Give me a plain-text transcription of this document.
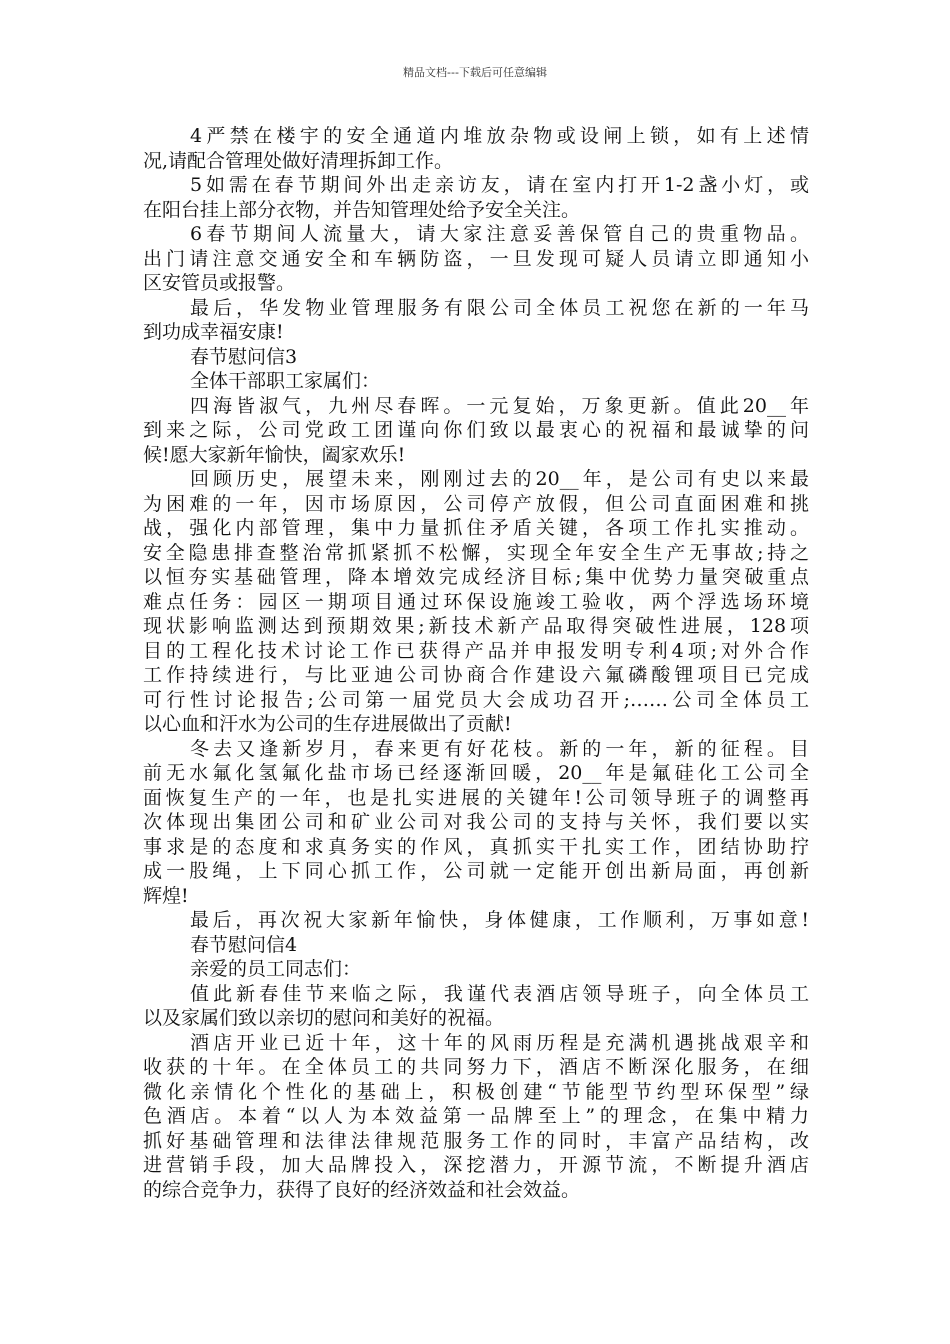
精品文档---下载后可任意编辑
4严禁在楼宇的安全通道内堆放杂物或设闸上锁，如有上述情
况,请配合管理处做好清理拆卸工作。
5如需在春节期间外出走亲访友，请在室内打开1-2盏小灯，或
在阳台挂上部分衣物，并告知管理处给予安全关注。
6春节期间人流量大，请大家注意妥善保管自己的贵重物品。
出门请注意交通安全和车辆防盗，一旦发现可疑人员请立即通知小
区安管员或报警。
最后，华发物业管理服务有限公司全体员工祝您在新的一年马
到功成幸福安康!
春节慰问信3
全体干部职工家属们：
四海皆淑气，九州尽春晖。一元复始，万象更新。值此20__年
到来之际，公司党政工团谨向你们致以最衷心的祝福和最诚挚的问
候!愿大家新年愉快，阖家欢乐!
回顾历史，展望未来，刚刚过去的20__年，是公司有史以来最
为困难的一年，因市场原因，公司停产放假，但公司直面困难和挑
战，强化内部管理，集中力量抓住矛盾关键，各项工作扎实推动。
安全隐患排查整治常抓紧抓不松懈，实现全年安全生产无事故;持之
以恒夯实基础管理，降本增效完成经济目标;集中优势力量突破重点
难点任务：园区一期项目通过环保设施竣工验收，两个浮选场环境
现状影响监测达到预期效果;新技术新产品取得突破性进展，128项
目的工程化技术讨论工作已获得产品并申报发明专利4项;对外合作
工作持续进行，与比亚迪公司协商合作建设六氟磷酸锂项目已完成
可行性讨论报告;公司第一届党员大会成功召开;……公司全体员工
以心血和汗水为公司的生存进展做出了贡献!
冬去又逢新岁月，春来更有好花枝。新的一年，新的征程。目
前无水氟化氢氟化盐市场已经逐渐回暖，20__年是氟硅化工公司全
面恢复生产的一年，也是扎实进展的关键年!公司领导班子的调整再
次体现出集团公司和矿业公司对我公司的支持与关怀，我们要以实
事求是的态度和求真务实的作风，真抓实干扎实工作，团结协助拧
成一股绳，上下同心抓工作，公司就一定能开创出新局面，再创新
辉煌!
最后，再次祝大家新年愉快，身体健康，工作顺利，万事如意!
春节慰问信4
亲爱的员工同志们：
值此新春佳节来临之际，我谨代表酒店领导班子，向全体员工
以及家属们致以亲切的慰问和美好的祝福。
酒店开业已近十年，这十年的风雨历程是充满机遇挑战艰辛和
收获的十年。在全体员工的共同努力下，酒店不断深化服务，在细
微化亲情化个性化的基础上，积极创建“节能型节约型环保型”绿
色酒店。本着“以人为本效益第一品牌至上”的理念，在集中精力
抓好基础管理和法律法律规范服务工作的同时，丰富产品结构，改
进营销手段，加大品牌投入，深挖潜力，开源节流，不断提升酒店
的综合竞争力，获得了良好的经济效益和社会效益。
